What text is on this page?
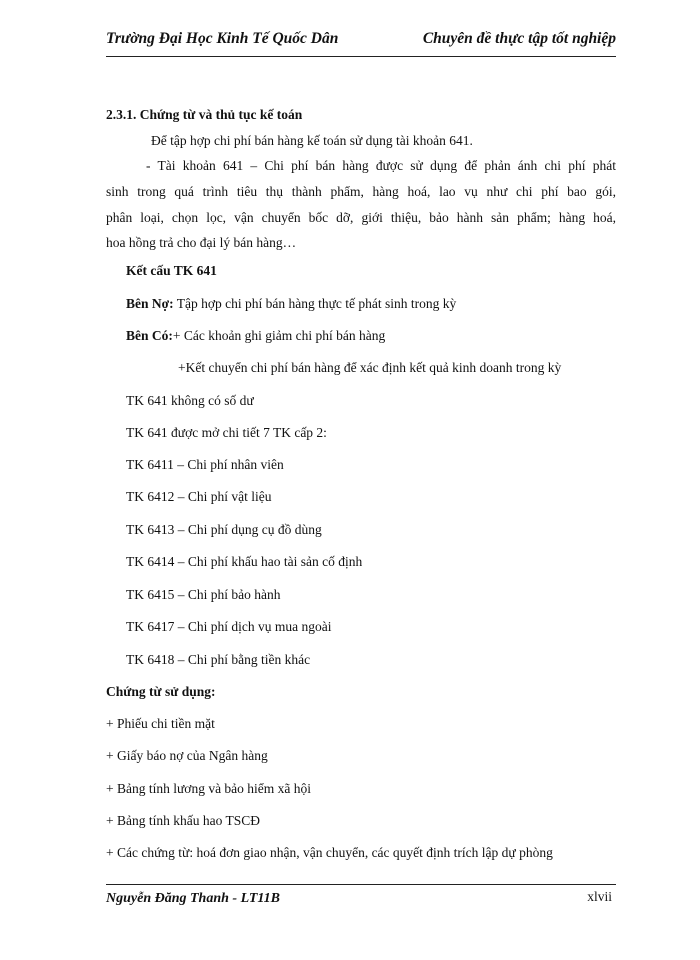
Trường Đại Học Kinh Tế Quốc Dân	Chuyên đề thực tập tốt nghiệp
2.3.1. Chứng từ và thủ tục kế toán
Để tập hợp chi phí bán hàng kế toán sử dụng tài khoản 641.
- Tài khoản 641 – Chi phí bán hàng được sử dụng để phản ánh chi phí phát
sinh trong quá trình tiêu thụ thành phẩm, hàng hoá, lao vụ như chi phí bao gói,
phân loại, chọn lọc, vận chuyển bốc dỡ, giới thiệu, bảo hành sản phẩm; hàng hoá,
hoa hồng trả cho đại lý bán hàng…
Kết cấu TK 641
Bên Nợ: Tập hợp chi phí bán hàng thực tế phát sinh trong kỳ
Bên Có:+ Các khoản ghi giảm chi phí bán hàng
+Kết chuyển chi phí bán hàng để xác định kết quả kinh doanh trong kỳ
TK 641 không có số dư
TK 641 được mở chi tiết 7 TK cấp 2:
TK 6411 – Chi phí nhân viên
TK 6412 – Chi phí vật liệu
TK 6413 – Chi phí dụng cụ đồ dùng
TK 6414 – Chi phí khấu hao tài sản cố định
TK 6415 – Chi phí bảo hành
TK 6417 – Chi phí dịch vụ mua ngoài
TK 6418 – Chi phí bằng tiền khác
Chứng từ sử dụng:
+ Phiếu chi tiền mặt
+ Giấy báo nợ của Ngân hàng
+ Bảng tính lương và bảo hiểm xã hội
+ Bảng tính khấu hao TSCĐ
+ Các chứng từ: hoá đơn giao nhận, vận chuyển, các quyết định trích lập dự phòng
Nguyễn Đăng Thanh - LT11B	xlvii
